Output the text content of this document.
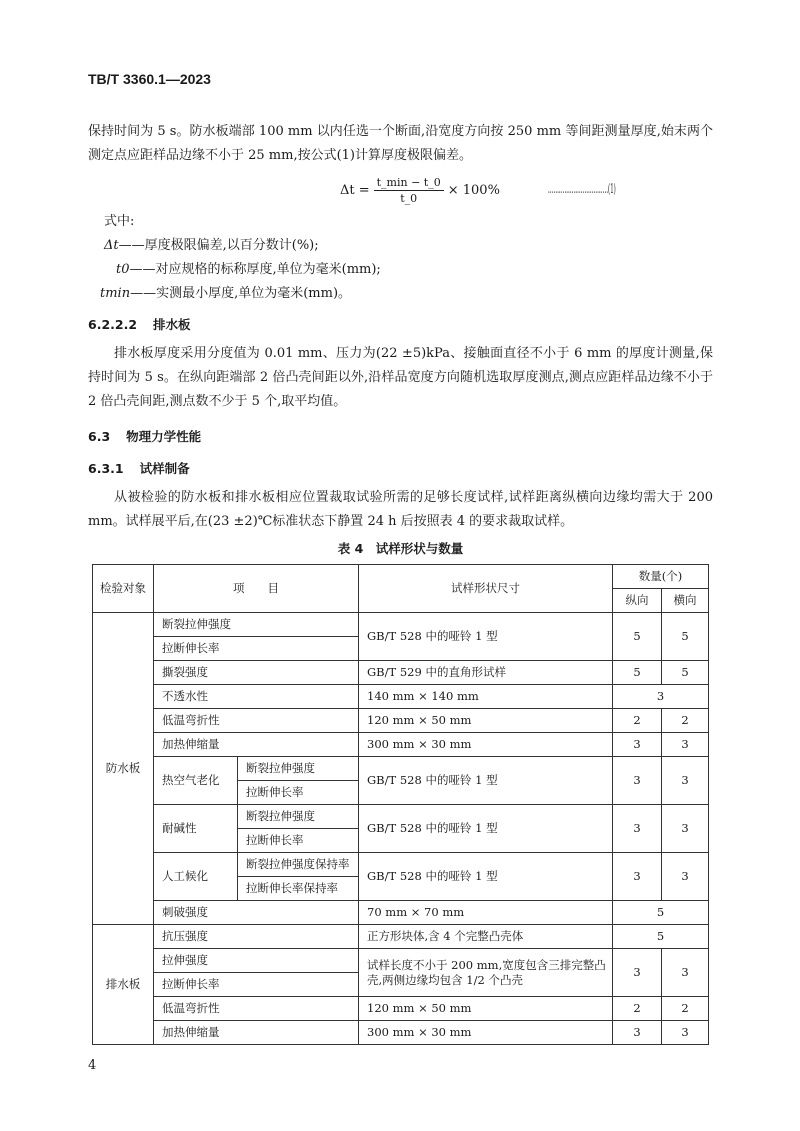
TB/T 3360.1—2023
保持时间为 5 s。防水板端部 100 mm 以内任选一个断面,沿宽度方向按 250 mm 等间距测量厚度,始末两个测定点应距样品边缘不小于 25 mm,按公式(1)计算厚度极限偏差。
$\Delta t = \frac{t\_\min - t\_0}{t\_0} \times 100\%$	……………………………(1)
式中:
Δt——厚度极限偏差,以百分数计(%);
t0——对应规格的标称厚度,单位为毫米(mm);
tmin——实测最小厚度,单位为毫米(mm)。
6.2.2.2 排水板
排水板厚度采用分度值为 0.01 mm、压力为(22 ±5)kPa、接触面直径不小于 6 mm 的厚度计测量,保持时间为 5 s。在纵向距端部 2 倍凸壳间距以外,沿样品宽度方向随机选取厚度测点,测点应距样品边缘不小于 2 倍凸壳间距,测点数不少于 5 个,取平均值。
6.3 物理力学性能
6.3.1 试样制备
从被检验的防水板和排水板相应位置裁取试验所需的足够长度试样,试样距离纵横向边缘均需大于 200 mm。试样展平后,在(23 ±2)℃标准状态下静置 24 h 后按照表 4 的要求裁取试样。
表 4　试样形状与数量
检验对象	项　　目		试样形状尺寸	数量(个)	
				纵向	横向
防水板	断裂拉伸强度		GB/T 528 中的哑铃 1 型	5	5
	拉断伸长率				
	撕裂强度		GB/T 529 中的直角形试样	5	5
	不透水性		140 mm × 140 mm	3	
	低温弯折性		120 mm × 50 mm	2	2
	加热伸缩量		300 mm × 30 mm	3	3
	热空气老化	断裂拉伸强度	GB/T 528 中的哑铃 1 型	3	3
		拉断伸长率			
	耐碱性	断裂拉伸强度	GB/T 528 中的哑铃 1 型	3	3
		拉断伸长率			
	人工候化	断裂拉伸强度保持率	GB/T 528 中的哑铃 1 型	3	3
		拉断伸长率保持率			
	刺破强度		70 mm × 70 mm	5	
排水板	抗压强度		正方形块体,含 4 个完整凸壳体	5	
	拉伸强度		试样长度不小于 200 mm,宽度包含三排完整凸壳,两侧边缘均包含 1/2 个凸壳	3	3
	拉断伸长率				
	低温弯折性		120 mm × 50 mm	2	2
	加热伸缩量		300 mm × 30 mm	3	3
4
